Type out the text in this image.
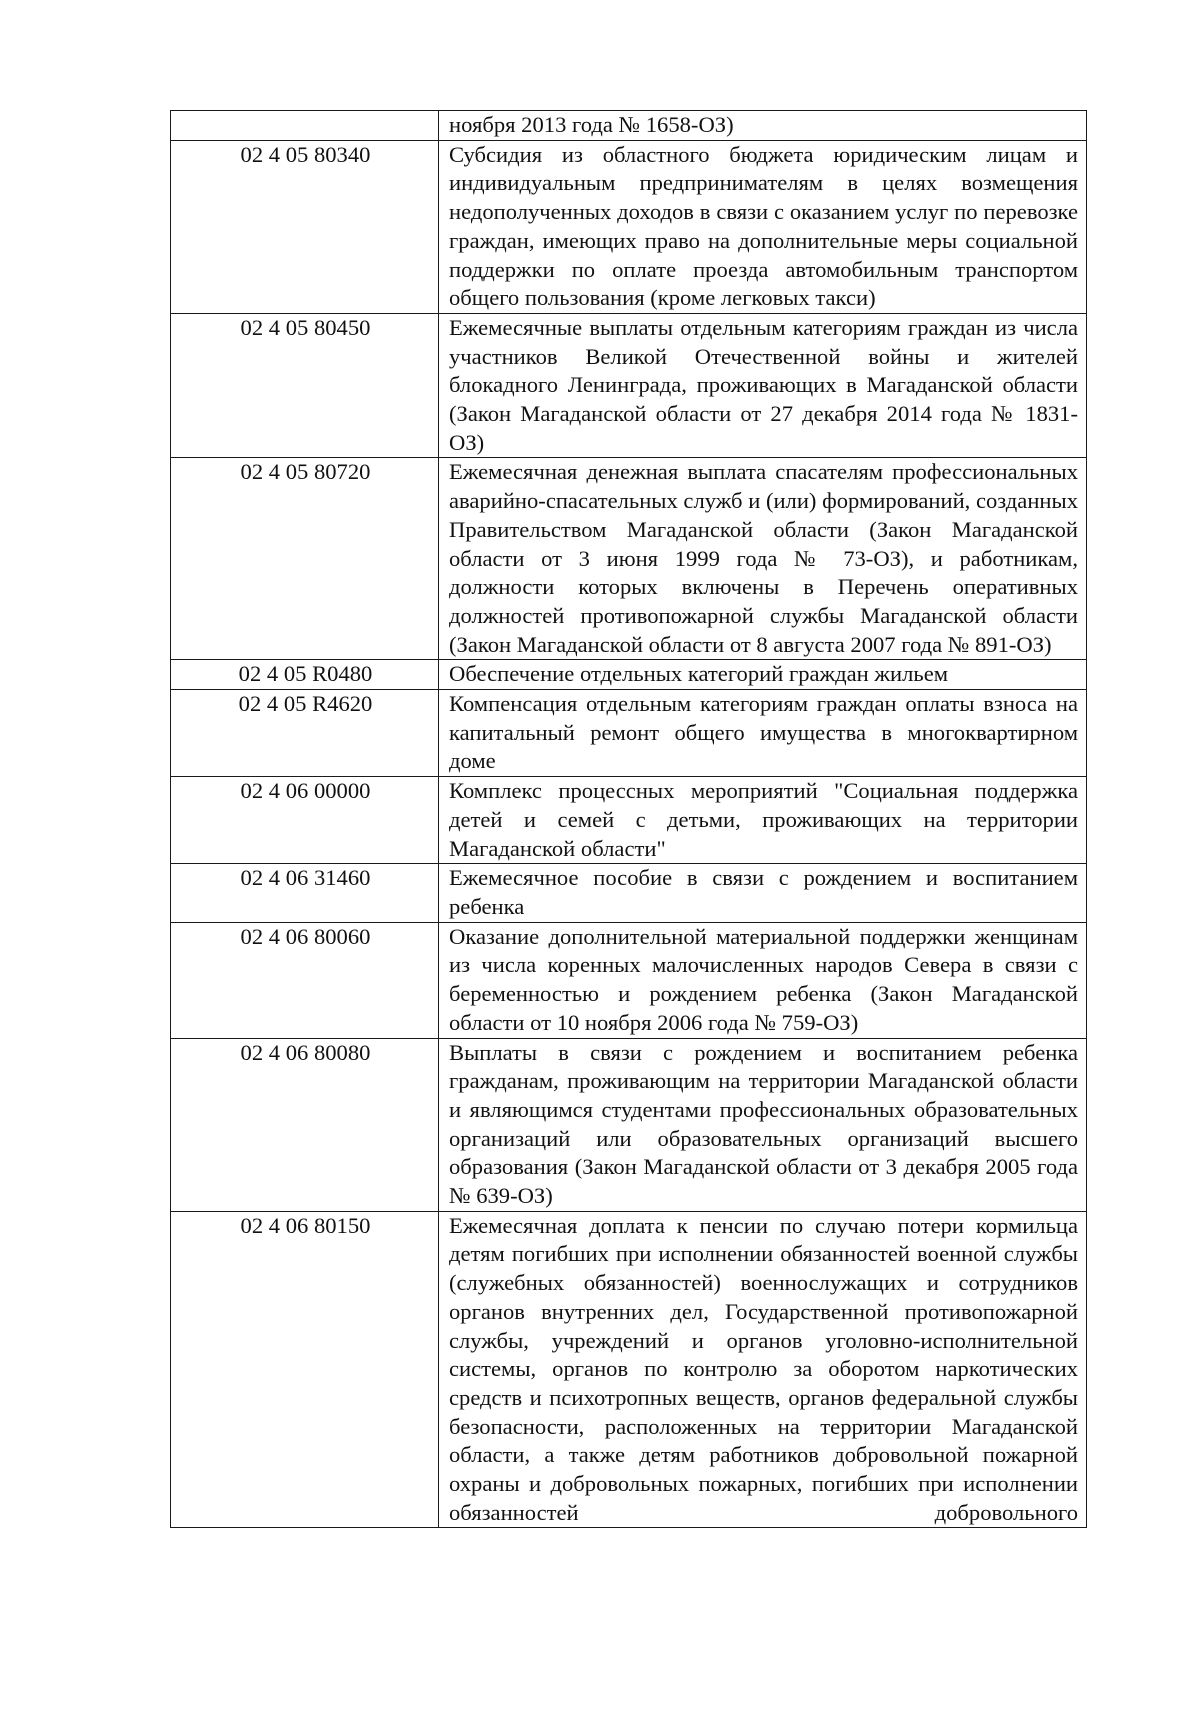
	ноября 2013 года № 1658-ОЗ)
02 4 05 80340	Субсидия из областного бюджета юридическим лицам и индивидуальным предпринимателям в целях возмещения недополученных доходов в связи с оказанием услуг по перевозке граждан, имеющих право на дополнительные меры социальной поддержки по оплате проезда автомобильным транспортом общего пользования (кроме легковых такси)
02 4 05 80450	Ежемесячные выплаты отдельным категориям граждан из числа участников Великой Отечественной войны и жителей блокадного Ленинграда, проживающих в Магаданской области (Закон Магаданской области от 27 декабря 2014 года № 1831-ОЗ)
02 4 05 80720	Ежемесячная денежная выплата спасателям профессиональных аварийно-спасательных служб и (или) формирований, созданных Правительством Магаданской области (Закон Магаданской области от 3 июня 1999 года № 73-ОЗ), и работникам, должности которых включены в Перечень оперативных должностей противопожарной службы Магаданской области (Закон Магаданской области от 8 августа 2007 года № 891-ОЗ)
02 4 05 R0480	Обеспечение отдельных категорий граждан жильем
02 4 05 R4620	Компенсация отдельным категориям граждан оплаты взноса на капитальный ремонт общего имущества в многоквартирном доме
02 4 06 00000	Комплекс процессных мероприятий "Социальная поддержка детей и семей с детьми, проживающих на территории Магаданской области"
02 4 06 31460	Ежемесячное пособие в связи с рождением и воспитанием ребенка
02 4 06 80060	Оказание дополнительной материальной поддержки женщинам из числа коренных малочисленных народов Севера в связи с беременностью и рождением ребенка (Закон Магаданской области от 10 ноября 2006 года № 759-ОЗ)
02 4 06 80080	Выплаты в связи с рождением и воспитанием ребенка гражданам, проживающим на территории Магаданской области и являющимся студентами профессиональных образовательных организаций или образовательных организаций высшего образования (Закон Магаданской области от 3 декабря 2005 года № 639-ОЗ)
02 4 06 80150	Ежемесячная доплата к пенсии по случаю потери кормильца детям погибших при исполнении обязанностей военной службы (служебных обязанностей) военнослужащих и сотрудников органов внутренних дел, Государственной противопожарной службы, учреждений и органов уголовно-исполнительной системы, органов по контролю за оборотом наркотических средств и психотропных веществ, органов федеральной службы безопасности, расположенных на территории Магаданской области, а также детям работников добровольной пожарной охраны и добровольных пожарных, погибших при исполнении обязанностей добровольного
